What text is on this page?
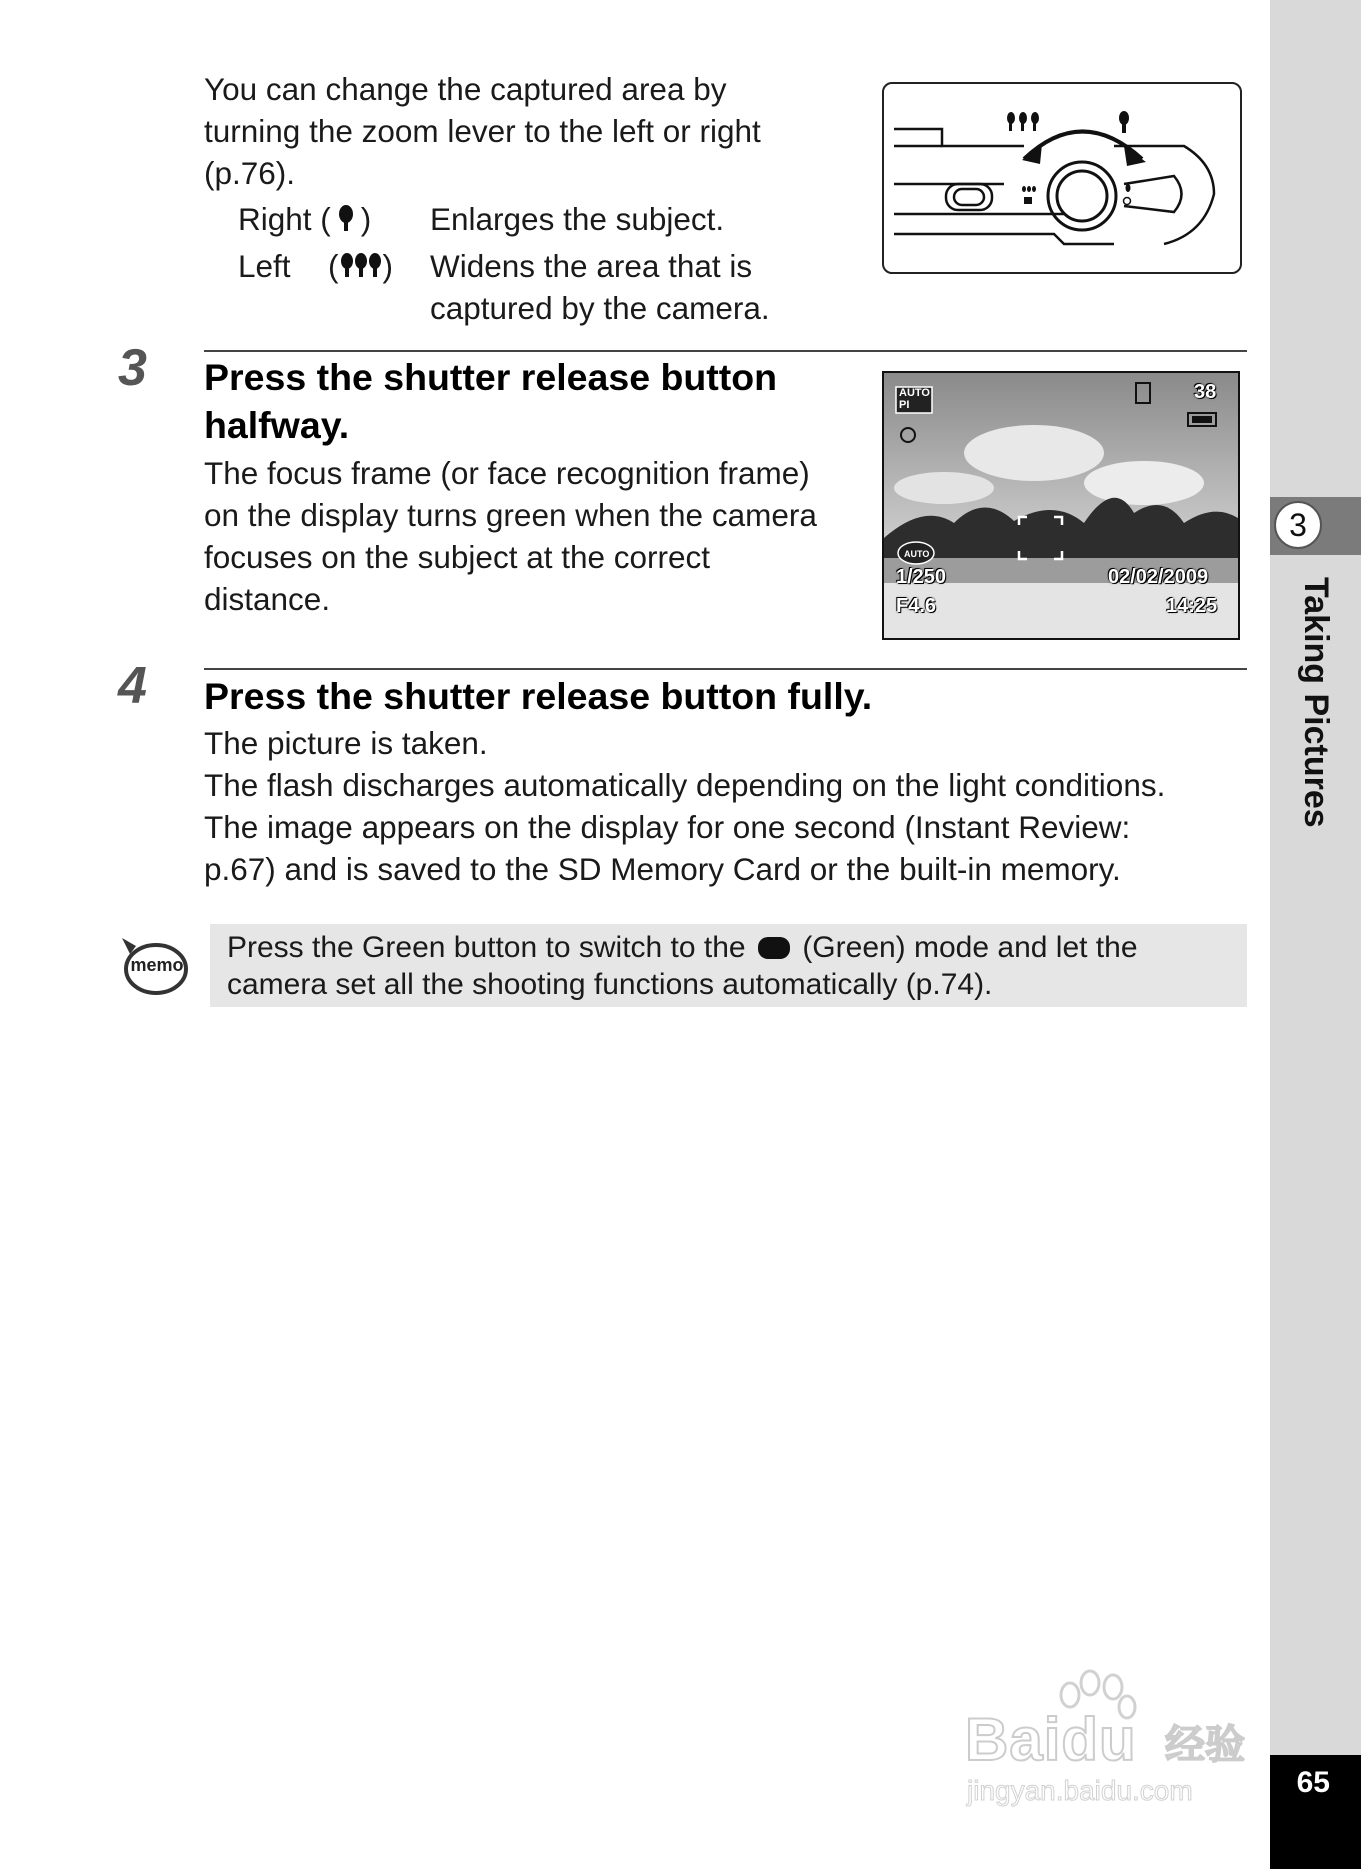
3
Taking Pictures
65
You can change the captured area by
turning the zoom lever to the left or right
(p.76).
Right ( ) Enlarges the subject.
Left ( ) Widens the area that is
captured by the camera.
3 Press the shutter release button
halfway.
The focus frame (or face recognition frame)
on the display turns green when the camera
focuses on the subject at the correct
distance.
AUTO
PI
38
AUTO
1/250
F4.6
02/02/2009
14:25
4 Press the shutter release button fully.
The picture is taken.
The flash discharges automatically depending on the light conditions.
The image appears on the display for one second (Instant Review:
p.67) and is saved to the SD Memory Card or the built-in memory.
memo
Press the Green button to switch to the (Green) mode and let the
camera set all the shooting functions automatically (p.74).
Baidu 经验
jingyan.baidu.com
